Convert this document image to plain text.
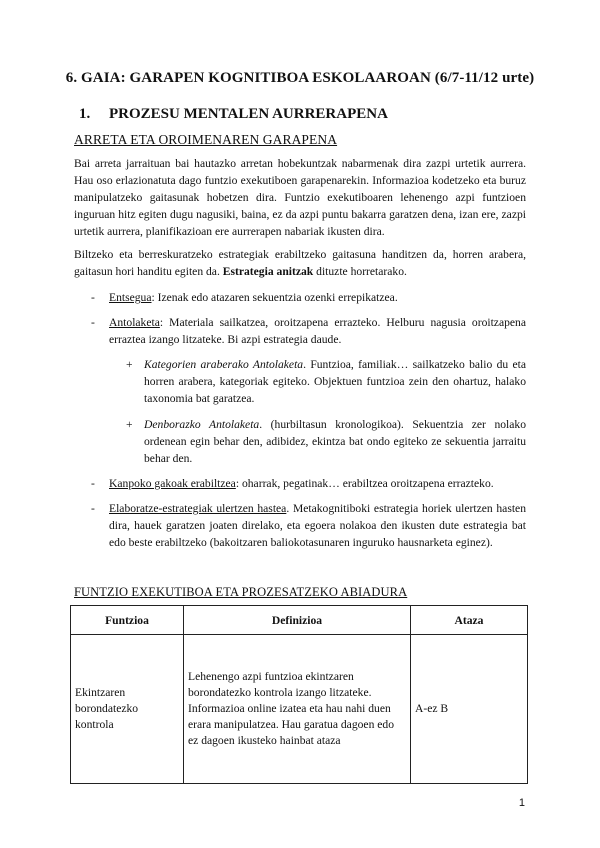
6. GAIA: GARAPEN KOGNITIBOA ESKOLAAROAN (6/7-11/12 urte)
1. PROZESU MENTALEN AURRERAPENA
ARRETA ETA OROIMENAREN GARAPENA
Bai arreta jarraituan bai hautazko arretan hobekuntzak nabarmenak dira zazpi urtetik aurrera. Hau oso erlazionatuta dago funtzio exekutiboen garapenarekin. Informazioa kodetzeko eta buruz manipulatzeko gaitasunak hobetzen dira. Funtzio exekutiboaren lehenengo azpi funtzioen inguruan hitz egiten dugu nagusiki, baina, ez da azpi puntu bakarra garatzen dena, izan ere, zazpi urtetik aurrera, planifikazioan ere aurrerapen nabariak ikusten dira.
Biltzeko eta berreskuratzeko estrategiak erabiltzeko gaitasuna handitzen da, horren arabera, gaitasun hori handitu egiten da. Estrategia anitzak dituzte horretarako.
- Entsegua: Izenak edo atazaren sekuentzia ozenki errepikatzea.
- Antolaketa: Materiala sailkatzea, oroitzapena errazteko. Helburu nagusia oroitzapena erraztea izango litzateke. Bi azpi estrategia daude.
+ Kategorien araberako Antolaketa. Funtzioa, familiak… sailkatzeko balio du eta horren arabera, kategoriak egiteko. Objektuen funtzioa zein den ohartuz, halako taxonomia bat garatzea.
+ Denborazko Antolaketa. (hurbiltasun kronologikoa). Sekuentzia zer nolako ordenean egin behar den, adibidez, ekintza bat ondo egiteko ze sekuentia jarraitu behar den.
- Kanpoko gakoak erabiltzea: oharrak, pegatinak… erabiltzea oroitzapena errazteko.
- Elaboratze-estrategiak ulertzen hastea. Metakognitiboki estrategia horiek ulertzen hasten dira, hauek garatzen joaten direlako, eta egoera nolakoa den ikusten dute estrategia bat edo beste erabiltzeko (bakoitzaren baliokotasunaren inguruko hausnarketa eginez).
FUNTZIO EXEKUTIBOA ETA PROZESATZEKO ABIADURA
Funtzioa	Definizioa	Ataza
Ekintzaren borondatezko kontrola	Lehenengo azpi funtzioa ekintzaren borondatezko kontrola izango litzateke. Informazioa online izatea eta hau nahi duen erara manipulatzea. Hau garatua dagoen edo ez dagoen ikusteko hainbat ataza	A-ez B
1
